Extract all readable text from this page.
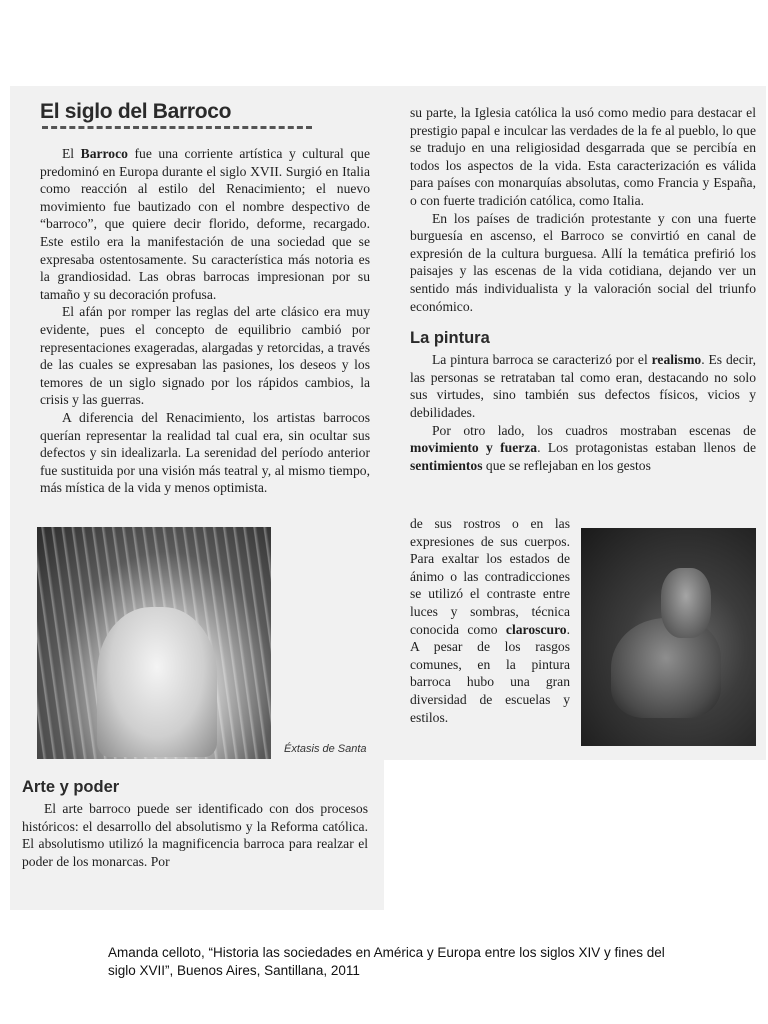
El siglo del Barroco

El Barroco fue una corriente artística y cultural que predominó en Europa durante el siglo XVII. Surgió en Italia como reacción al estilo del Renacimiento; el nuevo movimiento fue bautizado con el nombre despectivo de “barroco”, que quiere decir florido, deforme, recargado. Este estilo era la manifestación de una sociedad que se expresaba ostentosamente. Su característica más notoria es la grandiosidad. Las obras barrocas impresionan por su tamaño y su decoración profusa.

El afán por romper las reglas del arte clásico era muy evidente, pues el concepto de equilibrio cambió por representaciones exageradas, alargadas y retorcidas, a través de las cuales se expresaban las pasiones, los deseos y los temores de un siglo signado por los rápidos cambios, la crisis y las guerras.

A diferencia del Renacimiento, los artistas barrocos querían representar la realidad tal cual era, sin ocultar sus defectos y sin idealizarla. La serenidad del período anterior fue sustituida por una visión más teatral y, al mismo tiempo, más mística de la vida y menos optimista.

su parte, la Iglesia católica la usó como medio para destacar el prestigio papal e inculcar las verdades de la fe al pueblo, lo que se tradujo en una religiosidad desgarrada que se percibía en todos los aspectos de la vida. Esta caracterización es válida para países con monarquías absolutas, como Francia y España, o con fuerte tradición católica, como Italia.

En los países de tradición protestante y con una fuerte burguesía en ascenso, el Barroco se convirtió en canal de expresión de la cultura burguesa. Allí la temática prefirió los paisajes y las escenas de la vida cotidiana, dejando ver un sentido más individualista y la valoración social del triunfo económico.

La pintura

La pintura barroca se caracterizó por el realismo. Es decir, las personas se retrataban tal como eran, destacando no solo sus virtudes, sino también sus defectos físicos, vicios y debilidades.

Por otro lado, los cuadros mostraban escenas de movimiento y fuerza. Los protagonistas estaban llenos de sentimientos que se reflejaban en los gestos

de sus rostros o en las expresiones de sus cuerpos. Para exaltar los estados de ánimo o las contradicciones se utilizó el contraste entre luces y sombras, técnica conocida como claroscuro. A pesar de los rasgos comunes, en la pintura barroca hubo una gran diversidad de escuelas y estilos.

Éxtasis de Santa
Arte y poder

El arte barroco puede ser identificado con dos procesos históricos: el desarrollo del absolutismo y la Reforma católica. El absolutismo utilizó la magnificencia barroca para realzar el poder de los monarcas. Por

Amanda celloto, “Historia las sociedades en América y Europa entre los siglos XIV y fines del siglo XVII”, Buenos Aires, Santillana, 2011
